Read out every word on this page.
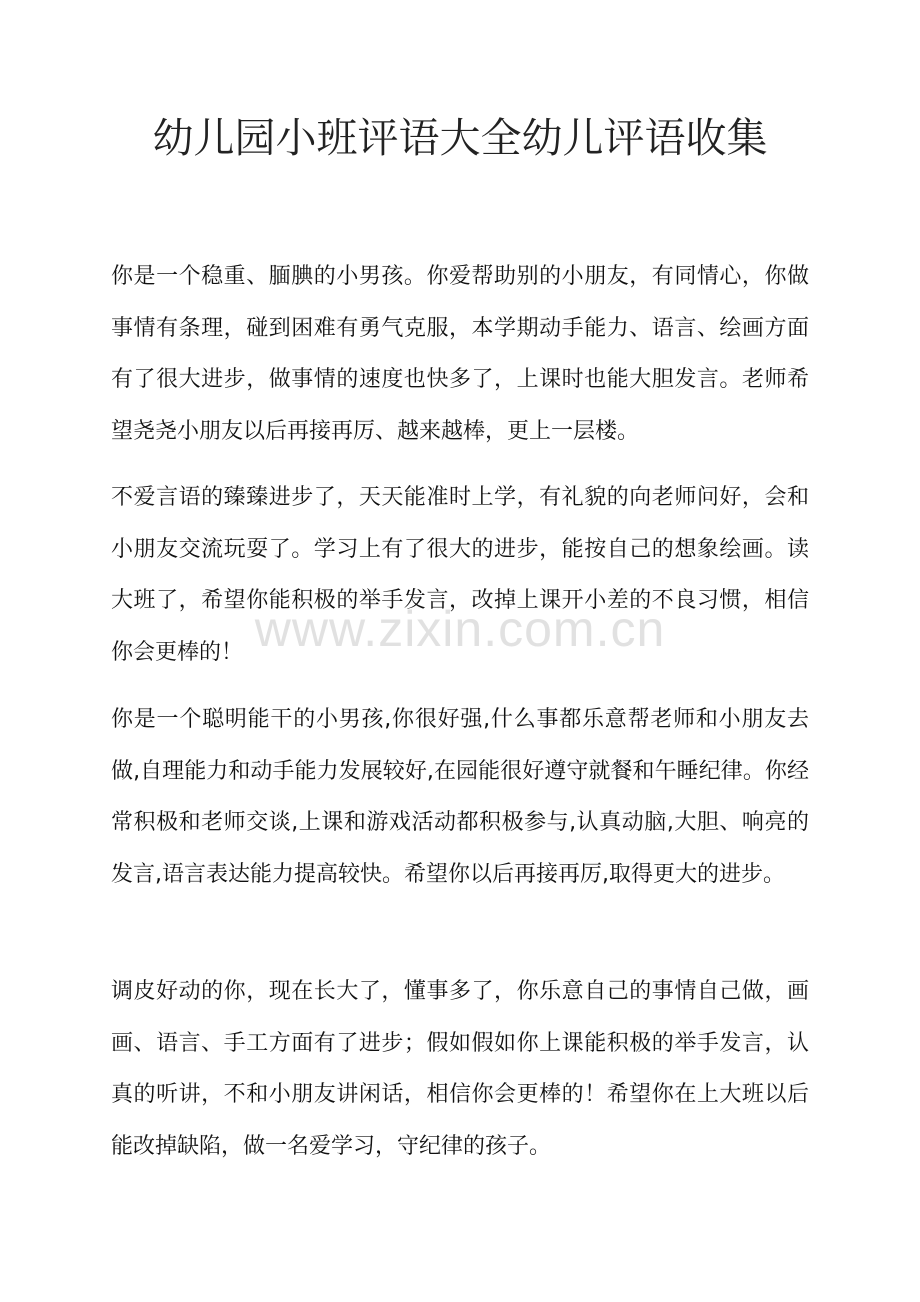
幼儿园小班评语大全幼儿评语收集

你是一个稳重、腼腆的小男孩。你爱帮助别的小朋友，有同情心，你做事情有条理，碰到困难有勇气克服，本学期动手能力、语言、绘画方面有了很大进步，做事情的速度也快多了，上课时也能大胆发言。老师希望尧尧小朋友以后再接再厉、越来越棒，更上一层楼。

不爱言语的臻臻进步了，天天能准时上学，有礼貌的向老师问好，会和小朋友交流玩耍了。学习上有了很大的进步，能按自己的想象绘画。读大班了，希望你能积极的举手发言，改掉上课开小差的不良习惯，相信你会更棒的！

你是一个聪明能干的小男孩,你很好强,什么事都乐意帮老师和小朋友去做,自理能力和动手能力发展较好,在园能很好遵守就餐和午睡纪律。你经常积极和老师交谈,上课和游戏活动都积极参与,认真动脑,大胆、响亮的发言,语言表达能力提高较快。希望你以后再接再厉,取得更大的进步。

调皮好动的你，现在长大了，懂事多了，你乐意自己的事情自己做，画画、语言、手工方面有了进步；假如假如你上课能积极的举手发言，认真的听讲，不和小朋友讲闲话，相信你会更棒的！希望你在上大班以后能改掉缺陷，做一名爱学习，守纪律的孩子。

www.zixin.com.cn
